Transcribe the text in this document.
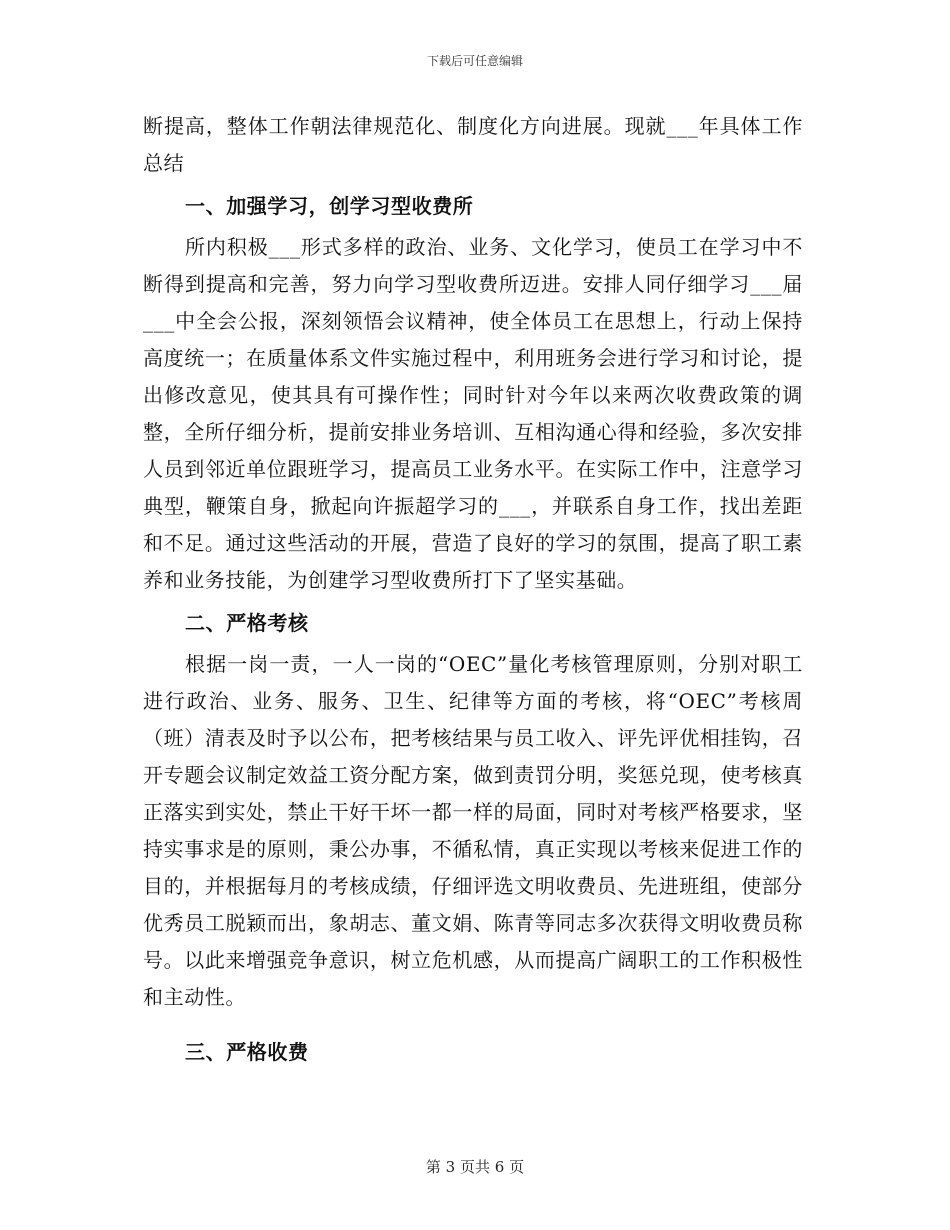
下载后可任意编辑

断提高，整体工作朝法律规范化、制度化方向进展。现就___年具体工作总结

一、加强学习，创学习型收费所

所内积极___形式多样的政治、业务、文化学习，使员工在学习中不断得到提高和完善，努力向学习型收费所迈进。安排人同仔细学习___届___中全会公报，深刻领悟会议精神，使全体员工在思想上，行动上保持高度统一；在质量体系文件实施过程中，利用班务会进行学习和讨论，提出修改意见，使其具有可操作性；同时针对今年以来两次收费政策的调整，全所仔细分析，提前安排业务培训、互相沟通心得和经验，多次安排人员到邻近单位跟班学习，提高员工业务水平。在实际工作中，注意学习典型，鞭策自身，掀起向许振超学习的___，并联系自身工作，找出差距和不足。通过这些活动的开展，营造了良好的学习的氛围，提高了职工素养和业务技能，为创建学习型收费所打下了坚实基础。

二、严格考核

根据一岗一责，一人一岗的“OEC”量化考核管理原则，分别对职工进行政治、业务、服务、卫生、纪律等方面的考核，将“OEC”考核周（班）清表及时予以公布，把考核结果与员工收入、评先评优相挂钩，召开专题会议制定效益工资分配方案，做到责罚分明，奖惩兑现，使考核真正落实到实处，禁止干好干坏一都一样的局面，同时对考核严格要求，坚持实事求是的原则，秉公办事，不循私情，真正实现以考核来促进工作的目的，并根据每月的考核成绩，仔细评选文明收费员、先进班组，使部分优秀员工脱颖而出，象胡志、董文娟、陈青等同志多次获得文明收费员称号。以此来增强竞争意识，树立危机感，从而提高广阔职工的工作积极性和主动性。

三、严格收费
第 3 页共 6 页
